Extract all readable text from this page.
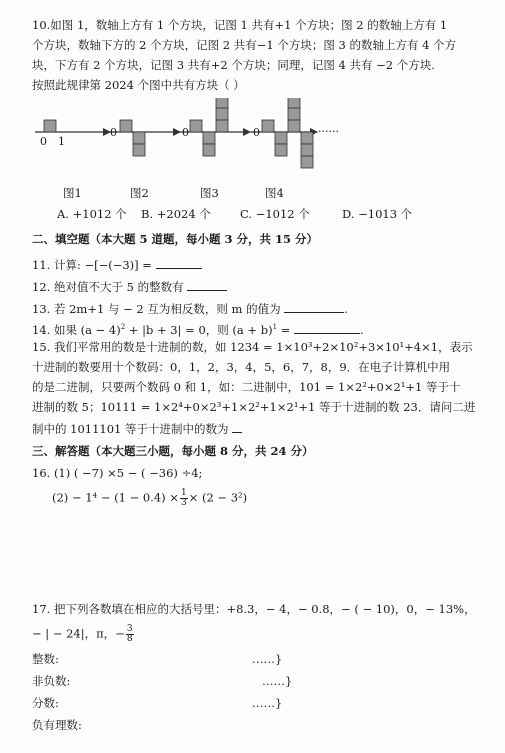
10.如图 1，数轴上方有 1 个方块，记图 1 共有+1 个方块；图 2 的数轴上方有 1
个方块，数轴下方的 2 个方块，记图 2 共有−1 个方块；图 3 的数轴上方有 4 个方
块，下方有 2 个方块，记图 3 共有+2 个方块；同理，记图 4 共有 −2 个方块.
按照此规律第 2024 个图中共有方块（ ）
0 1
0	0	0	······
图1	图2	图3	图4
A. +1012 个 B. +2024 个	C. −1012 个	D. −1013 个
二、填空题（本大题 5 道题，每小题 3 分，共 15 分）
11. 计算: −[−(−3)] =
12. 绝对值不大于 5 的整数有
13. 若 2m+1 与 − 2 互为相反数，则 m 的值为	.
14. 如果 $(a - 4)^2 + |b + 3| = 0$，则 $(a + b)^1$ =	.
15. 我们平常用的数是十进制的数，如 1234 = 1×10³+2×10²+3×10¹+4×1，表示
十进制的数要用十个数码：0，1，2，3，4，5，6，7，8，9．在电子计算机中用
的是二进制，只要两个数码 0 和 1，如：二进制中，101 = 1×2²+0×2¹+1 等于十
进制的数 5；10111 = 1×2⁴+0×2³+1×2²+1×2¹+1 等于十进制的数 23．请问二进
制中的 1011101 等于十进制中的数为
三、解答题（本大题三小题，每小题 8 分，共 24 分）
16. (1) ( −7) ×5 − ( −36) ÷4;
$(2) - 1^4 - (1 - 0.4) \times \frac{1}{3} \times (2 - 3^2)$
17. 把下列各数填在相应的大括号里：+8.3，− 4，− 0.8，− ( − 10)，0，− 13%，
− | − 24|，π，− $\frac{3}{8}$
整数:	……}
非负数:	……}
分数:	……}
负有理数:
